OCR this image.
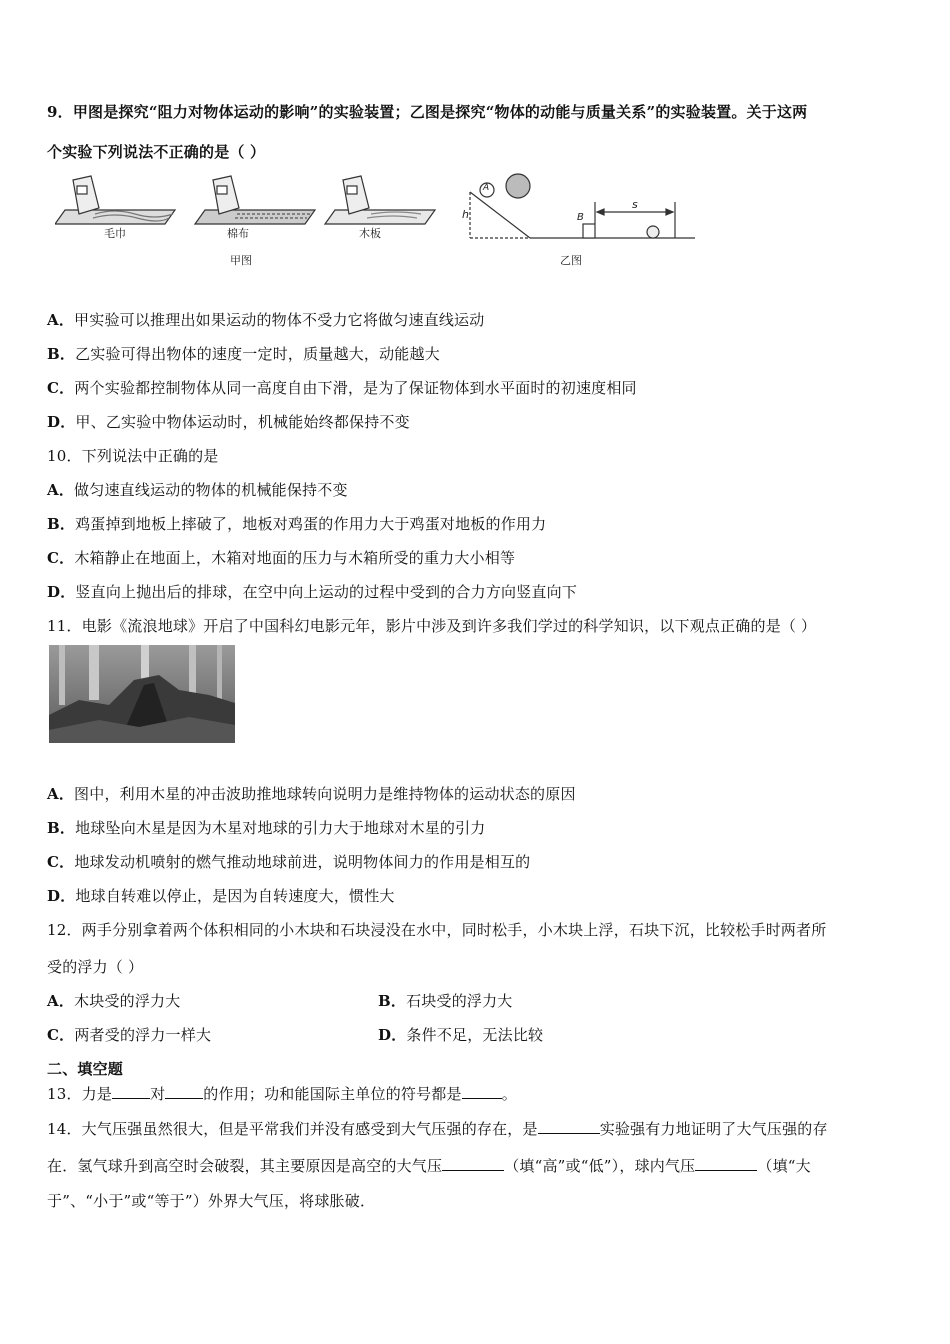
9．甲图是探究“阻力对物体运动的影响”的实验装置；乙图是探究“物体的动能与质量关系”的实验装置。关于这两
个实验下列说法不正确的是（ ）
毛巾	棉布	木板
甲图	乙图
h
s
A
B
A．甲实验可以推理出如果运动的物体不受力它将做匀速直线运动
B．乙实验可得出物体的速度一定时，质量越大，动能越大
C．两个实验都控制物体从同一高度自由下滑，是为了保证物体到水平面时的初速度相同
D．甲、乙实验中物体运动时，机械能始终都保持不变
10．下列说法中正确的是
A．做匀速直线运动的物体的机械能保持不变
B．鸡蛋掉到地板上摔破了，地板对鸡蛋的作用力大于鸡蛋对地板的作用力
C．木箱静止在地面上，木箱对地面的压力与木箱所受的重力大小相等
D．竖直向上抛出后的排球，在空中向上运动的过程中受到的合力方向竖直向下
11．电影《流浪地球》开启了中国科幻电影元年，影片中涉及到许多我们学过的科学知识，以下观点正确的是（ ）
A．图中，利用木星的冲击波助推地球转向说明力是维持物体的运动状态的原因
B．地球坠向木星是因为木星对地球的引力大于地球对木星的引力
C．地球发动机喷射的燃气推动地球前进，说明物体间力的作用是相互的
D．地球自转难以停止，是因为自转速度大，惯性大
12．两手分别拿着两个体积相同的小木块和石块浸没在水中，同时松手，小木块上浮，石块下沉，比较松手时两者所
受的浮力（ ）
A．木块受的浮力大	B．石块受的浮力大
C．两者受的浮力一样大	D．条件不足，无法比较
二、填空题
13．力是	对	的作用；功和能国际主单位的符号都是	。
14．大气压强虽然很大，但是平常我们并没有感受到大气压强的存在，是	实验强有力地证明了大气压强的存
在．氢气球升到高空时会破裂，其主要原因是高空的大气压	（填“高”或“低”），球内气压	（填“大
于”、“小于”或“等于”）外界大气压，将球胀破．
